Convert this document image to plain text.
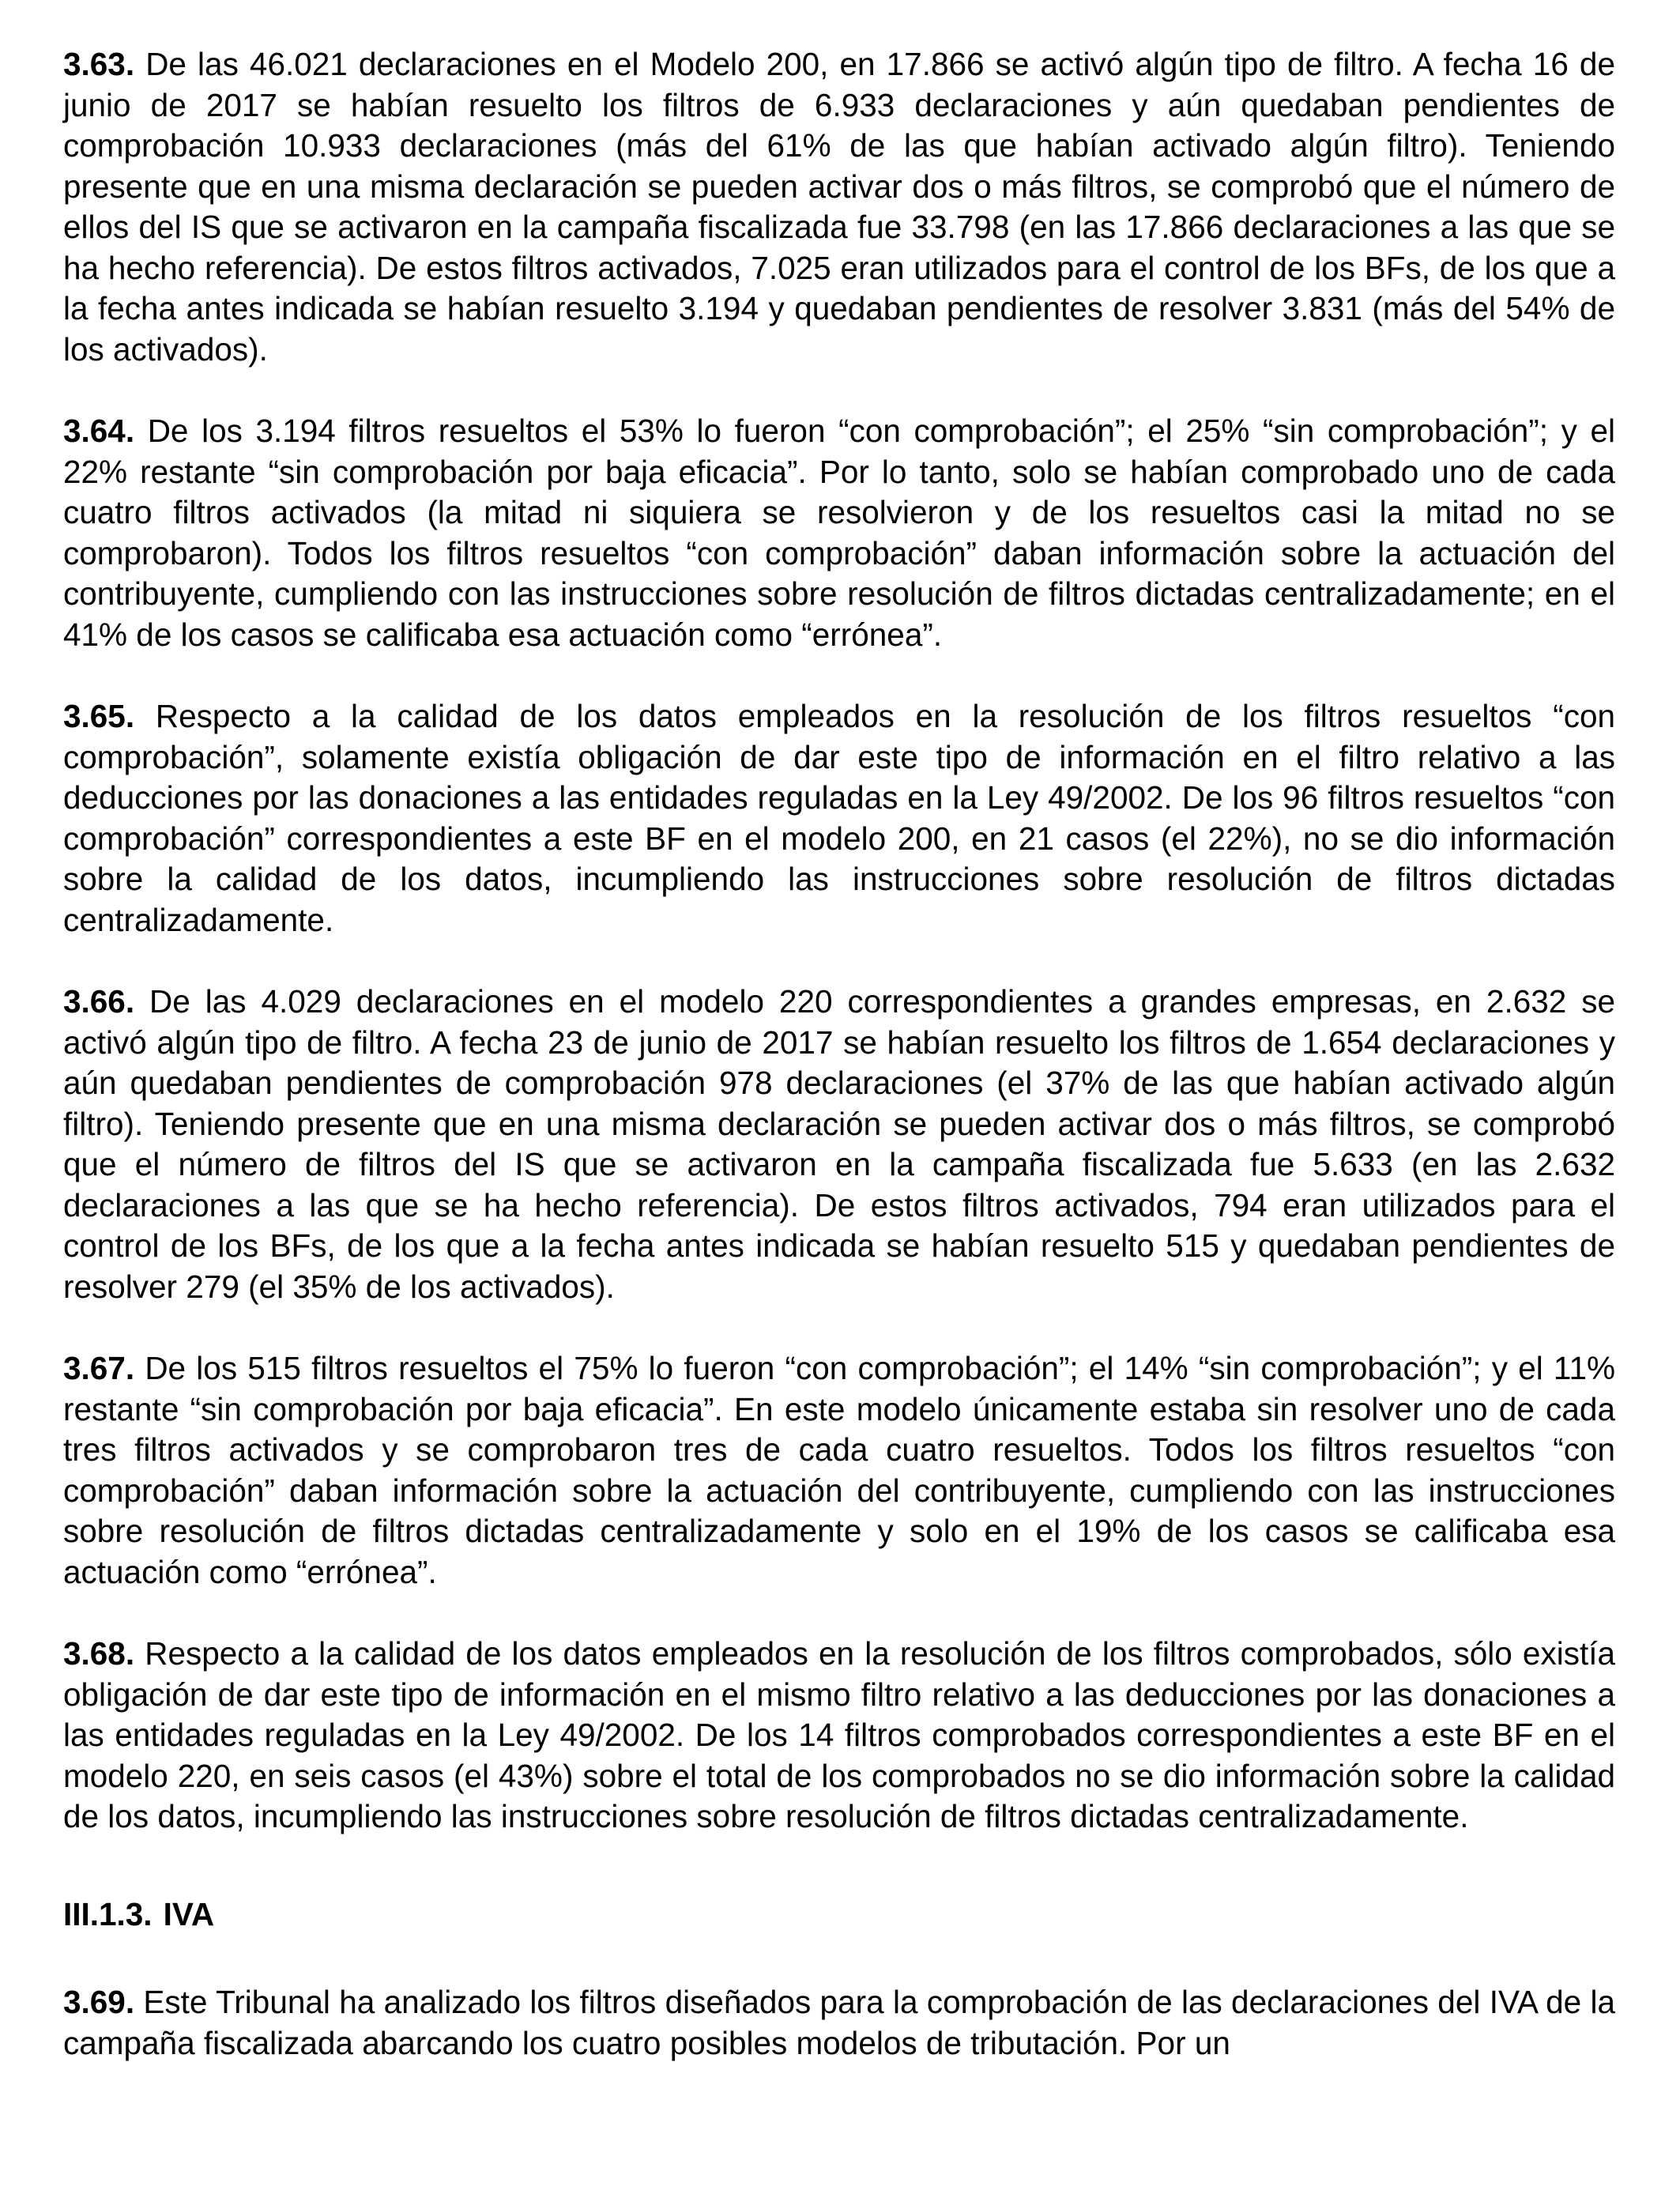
3.63. De las 46.021 declaraciones en el Modelo 200, en 17.866 se activó algún tipo de filtro. A fecha 16 de junio de 2017 se habían resuelto los filtros de 6.933 declaraciones y aún quedaban pendientes de comprobación 10.933 declaraciones (más del 61% de las que habían activado algún filtro). Teniendo presente que en una misma declaración se pueden activar dos o más filtros, se comprobó que el número de ellos del IS que se activaron en la campaña fiscalizada fue 33.798 (en las 17.866 declaraciones a las que se ha hecho referencia). De estos filtros activados, 7.025 eran utilizados para el control de los BFs, de los que a la fecha antes indicada se habían resuelto 3.194 y quedaban pendientes de resolver 3.831 (más del 54% de los activados).

3.64. De los 3.194 filtros resueltos el 53% lo fueron “con comprobación”; el 25% “sin comprobación”; y el 22% restante “sin comprobación por baja eficacia”. Por lo tanto, solo se habían comprobado uno de cada cuatro filtros activados (la mitad ni siquiera se resolvieron y de los resueltos casi la mitad no se comprobaron). Todos los filtros resueltos “con comprobación” daban información sobre la actuación del contribuyente, cumpliendo con las instrucciones sobre resolución de filtros dictadas centralizadamente; en el 41% de los casos se calificaba esa actuación como “errónea”.

3.65. Respecto a la calidad de los datos empleados en la resolución de los filtros resueltos “con comprobación”, solamente existía obligación de dar este tipo de información en el filtro relativo a las deducciones por las donaciones a las entidades reguladas en la Ley 49/2002. De los 96 filtros resueltos “con comprobación” correspondientes a este BF en el modelo 200, en 21 casos (el 22%), no se dio información sobre la calidad de los datos, incumpliendo las instrucciones sobre resolución de filtros dictadas centralizadamente.

3.66. De las 4.029 declaraciones en el modelo 220 correspondientes a grandes empresas, en 2.632 se activó algún tipo de filtro. A fecha 23 de junio de 2017 se habían resuelto los filtros de 1.654 declaraciones y aún quedaban pendientes de comprobación 978 declaraciones (el 37% de las que habían activado algún filtro). Teniendo presente que en una misma declaración se pueden activar dos o más filtros, se comprobó que el número de filtros del IS que se activaron en la campaña fiscalizada fue 5.633 (en las 2.632 declaraciones a las que se ha hecho referencia). De estos filtros activados, 794 eran utilizados para el control de los BFs, de los que a la fecha antes indicada se habían resuelto 515 y quedaban pendientes de resolver 279 (el 35% de los activados).

3.67. De los 515 filtros resueltos el 75% lo fueron “con comprobación”; el 14% “sin comprobación”; y el 11% restante “sin comprobación por baja eficacia”. En este modelo únicamente estaba sin resolver uno de cada tres filtros activados y se comprobaron tres de cada cuatro resueltos. Todos los filtros resueltos “con comprobación” daban información sobre la actuación del contribuyente, cumpliendo con las instrucciones sobre resolución de filtros dictadas centralizadamente y solo en el 19% de los casos se calificaba esa actuación como “errónea”.

3.68. Respecto a la calidad de los datos empleados en la resolución de los filtros comprobados, sólo existía obligación de dar este tipo de información en el mismo filtro relativo a las deducciones por las donaciones a las entidades reguladas en la Ley 49/2002. De los 14 filtros comprobados correspondientes a este BF en el modelo 220, en seis casos (el 43%) sobre el total de los comprobados no se dio información sobre la calidad de los datos, incumpliendo las instrucciones sobre resolución de filtros dictadas centralizadamente.

III.1.3. IVA

3.69. Este Tribunal ha analizado los filtros diseñados para la comprobación de las declaraciones del IVA de la campaña fiscalizada abarcando los cuatro posibles modelos de tributación. Por un
